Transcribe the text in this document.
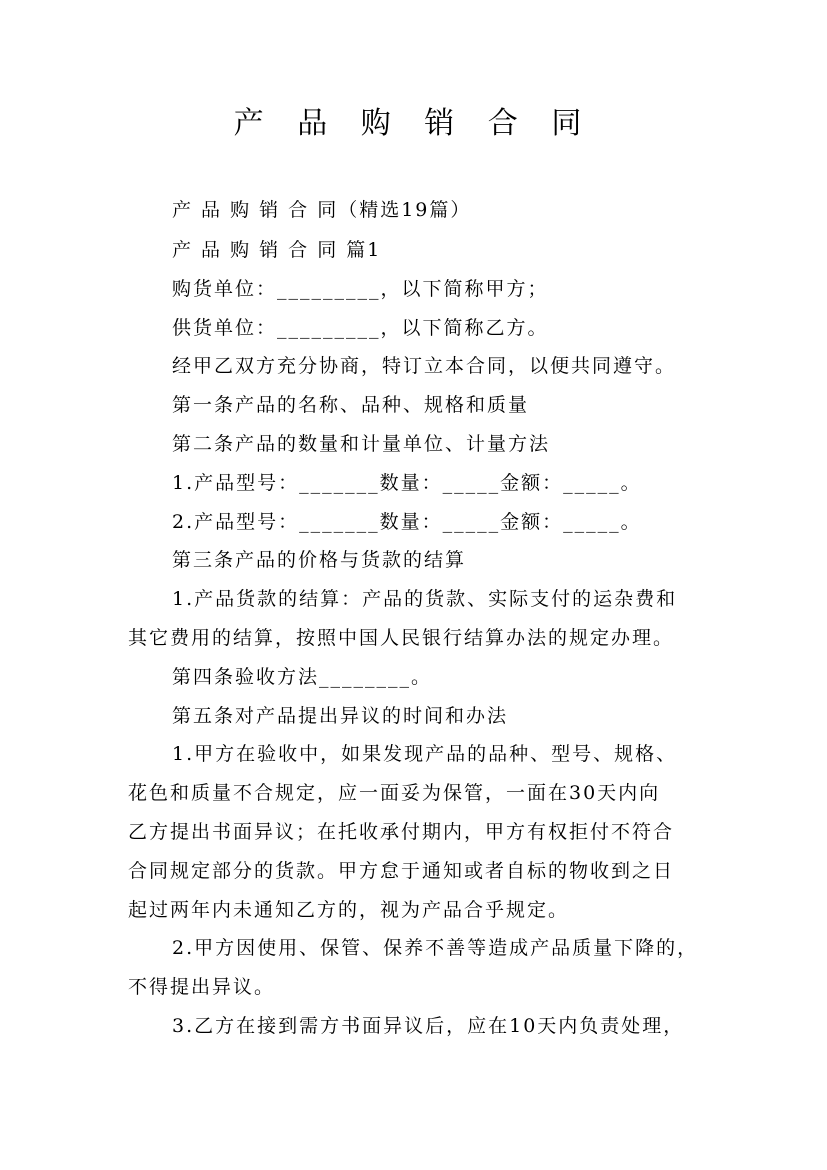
产 品 购 销 合 同
产 品 购 销 合 同（精选19篇）
产 品 购 销 合 同 篇1
购货单位：_________，以下简称甲方；
供货单位：_________，以下简称乙方。
经甲乙双方充分协商，特订立本合同，以便共同遵守。
第一条产品的名称、品种、规格和质量
第二条产品的数量和计量单位、计量方法
1.产品型号：_______数量：_____金额：_____。
2.产品型号：_______数量：_____金额：_____。
第三条产品的价格与货款的结算
1.产品货款的结算：产品的货款、实际支付的运杂费和
其它费用的结算，按照中国人民银行结算办法的规定办理。
第四条验收方法________。
第五条对产品提出异议的时间和办法
1.甲方在验收中，如果发现产品的品种、型号、规格、
花色和质量不合规定，应一面妥为保管，一面在30天内向
乙方提出书面异议；在托收承付期内，甲方有权拒付不符合
合同规定部分的货款。甲方怠于通知或者自标的物收到之日
起过两年内未通知乙方的，视为产品合乎规定。
2.甲方因使用、保管、保养不善等造成产品质量下降的，
不得提出异议。
3.乙方在接到需方书面异议后，应在10天内负责处理，
